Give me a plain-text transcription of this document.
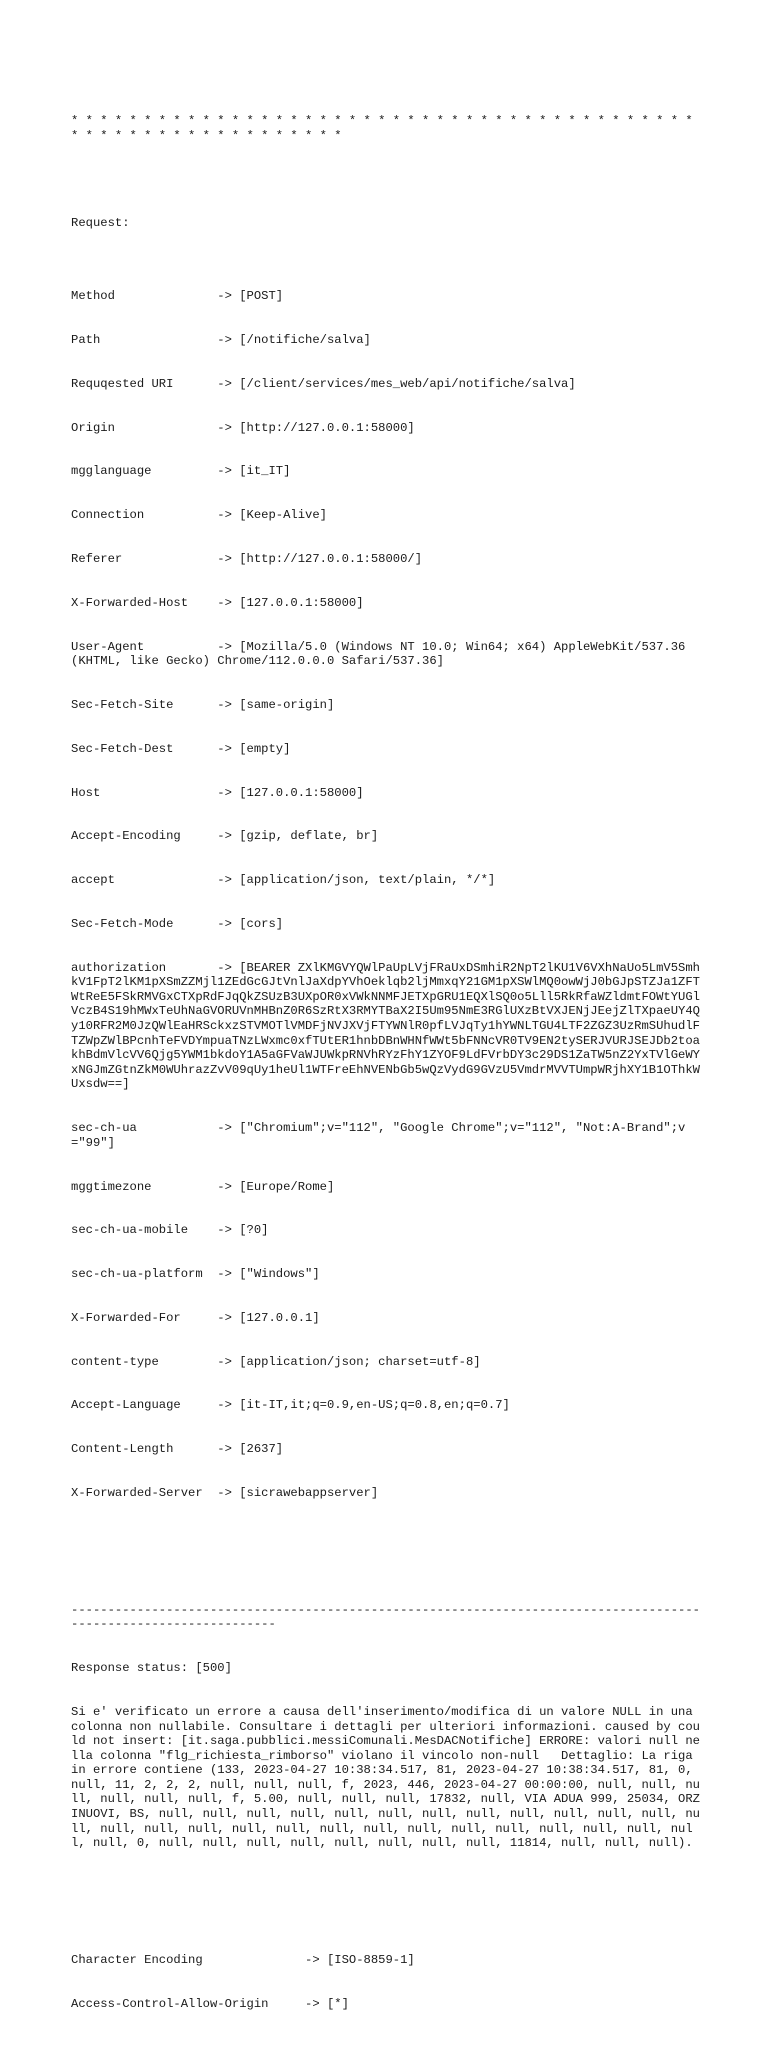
* * * * * * * * * * * * * * * * * * * * * * * * * * * * * * * * * * * * * * * * * * * * * * * * * * * * * * * * * * * * * *

Request:

Method              -> [POST]

Path                -> [/notifiche/salva]

Requqested URI      -> [/client/services/mes_web/api/notifiche/salva]

Origin              -> [http://127.0.0.1:58000]

mgglanguage         -> [it_IT]

Connection          -> [Keep-Alive]

Referer             -> [http://127.0.0.1:58000/]

X-Forwarded-Host    -> [127.0.0.1:58000]

User-Agent          -> [Mozilla/5.0 (Windows NT 10.0; Win64; x64) AppleWebKit/537.36 (KHTML, like Gecko) Chrome/112.0.0.0 Safari/537.36]

Sec-Fetch-Site      -> [same-origin]

Sec-Fetch-Dest      -> [empty]

Host                -> [127.0.0.1:58000]

Accept-Encoding     -> [gzip, deflate, br]

accept              -> [application/json, text/plain, */*]

Sec-Fetch-Mode      -> [cors]

authorization       -> [BEARER ZXlKMGVYQWlPaUpLVjFRaUxDSmhiR2NpT2lKU1V6VXhNaUo5LmV5SmhkV1FpT2lKM1pXSmZZMjl1ZEdGcGJtVnlJaXdpYVhOeklqb2ljMmxqY21GM1pXSWlMQ0owWjJ0bGJpSTZJa1ZFTWtReE5FSkRMVGxCTXpRdFJqQkZSUzB3UXpOR0xVWkNNMFJETXpGRU1EQXlSQ0o5Lll5RkRfaWZldmtFOWtYUGlVczB4S19hMWxTeUhNaGVORUVnMHBnZ0R6SzRtX3RMYTBaX2I5Um95NmE3RGlUXzBtVXJENjJEejZlTXpaeUY4Qy10RFR2M0JzQWlEaHRSckxzSTVMOTlVMDFjNVJXVjFTYWNlR0pfLVJqTy1hYWNLTGU4LTF2ZGZ3UzRmSUhudlFTZWpZWlBPcnhTeFVDYmpuaTNzLWxmc0xfTUtER1hnbDBnWHNfWWt5bFNNcVR0TV9EN2tySERJVURJSEJDb2toakhBdmVlcVV6Qjg5YWM1bkdoY1A5aGFVaWJUWkpRNVhRYzFhY1ZYOF9LdFVrbDY3c29DS1ZaTW5nZ2YxTVlGeWYxNGJmZGtnZkM0WUhrazZvV09qUy1heUl1WTFreEhNVENbGb5wQzVydG9GVzU5VmdrMVVTUmpWRjhXY1B1OThkWUxsdw==]

sec-ch-ua           -> ["Chromium";v="112", "Google Chrome";v="112", "Not:A-Brand";v="99"]

mggtimezone         -> [Europe/Rome]

sec-ch-ua-mobile    -> [?0]

sec-ch-ua-platform  -> ["Windows"]

X-Forwarded-For     -> [127.0.0.1]

content-type        -> [application/json; charset=utf-8]

Accept-Language     -> [it-IT,it;q=0.9,en-US;q=0.8,en;q=0.7]

Content-Length      -> [2637]

X-Forwarded-Server  -> [sicrawebappserver]

------------------------------------------------------------------------------------------------------------------

Response status: [500]

Si e' verificato un errore a causa dell'inserimento/modifica di un valore NULL in una colonna non nullabile. Consultare i dettagli per ulteriori informazioni. caused by could not insert: [it.saga.pubblici.messiComunali.MesDACNotifiche] ERRORE: valori null nella colonna "flg_richiesta_rimborso" violano il vincolo non-null   Dettaglio: La riga in errore contiene (133, 2023-04-27 10:38:34.517, 81, 2023-04-27 10:38:34.517, 81, 0, null, 11, 2, 2, 2, null, null, null, f, 2023, 446, 2023-04-27 00:00:00, null, null, null, null, null, null, f, 5.00, null, null, null, 17832, null, VIA ADUA 999, 25034, ORZINUOVI, BS, null, null, null, null, null, null, null, null, null, null, null, null, null, null, null, null, null, null, null, null, null, null, null, null, null, null, null, null, 0, null, null, null, null, null, null, null, null, 11814, null, null, null).

Character Encoding              -> [ISO-8859-1]

Access-Control-Allow-Origin     -> [*]
